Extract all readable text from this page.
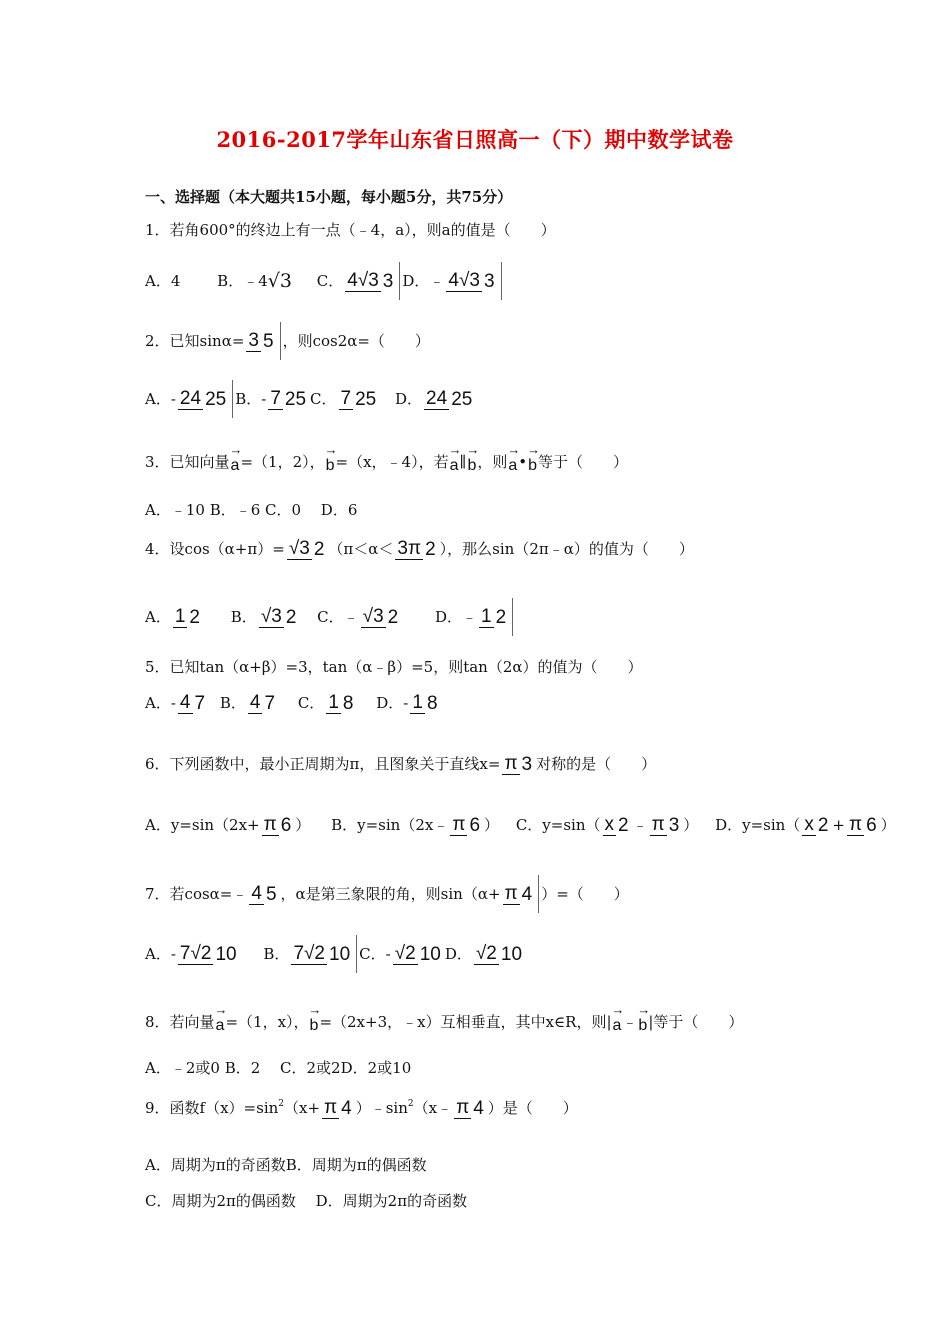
2016-2017学年山东省日照高一（下）期中数学试卷
一、选择题（本大题共15小题，每小题5分，共75分）
1．若角600°的终边上有一点（﹣4，a），则a的值是（　　）
A．4 B．﹣4√3 C． 4√3 3 D．﹣ 4√3 3
2．已知sinα= 3 5 ，则cos2α=（　　）
A．- 24 25 B．- 7 25 C． 7 25 D． 24 25
3．已知向量→ a=（1，2），→ b=（x，﹣4），若→ a∥→ b，则→ a•→ b等于（　　）
A．﹣10 B．﹣6 C．0　 D．6
4．设cos（α+π）= √3 2 （π＜α＜ 3π 2 ），那么sin（2π﹣α）的值为（　　）
A． 1 2 B． √3 2 C．﹣ √3 2 D．﹣ 1 2
5．已知tan（α+β）=3，tan（α﹣β）=5，则tan（2α）的值为（　　）
A．- 4 7 B． 4 7 C． 1 8 D．- 1 8
6．下列函数中，最小正周期为π，且图象关于直线x= π 3 对称的是（　　）
A．y=sin（2x+ π 6 ） B．y=sin（2x﹣ π 6 ） C．y=sin（ x 2 ﹣ π 3 ） D．y=sin（ x 2 + π 6 ）
7．若cosα=﹣ 4 5 ，α是第三象限的角，则sin（α+ π 4 ）=（　　）
A．- 7√2 10 B． 7√2 10 C．- √2 10 D． √2 10
8．若向量→ a=（1，x），→ b=（2x+3，﹣x）互相垂直，其中x∈R，则|→ a﹣→ b|等于（　　）
A．﹣2或0 B．2　 C．2或2D．2或10
9．函数$f(x)=\sin^2(x+ \pi$ 4 ）$﹣\sin^2(x﹣$ π 4 ）是（　　）
A．周期为π的奇函数B．周期为π的偶函数
C．周期为2π的偶函数　 D．周期为2π的奇函数
